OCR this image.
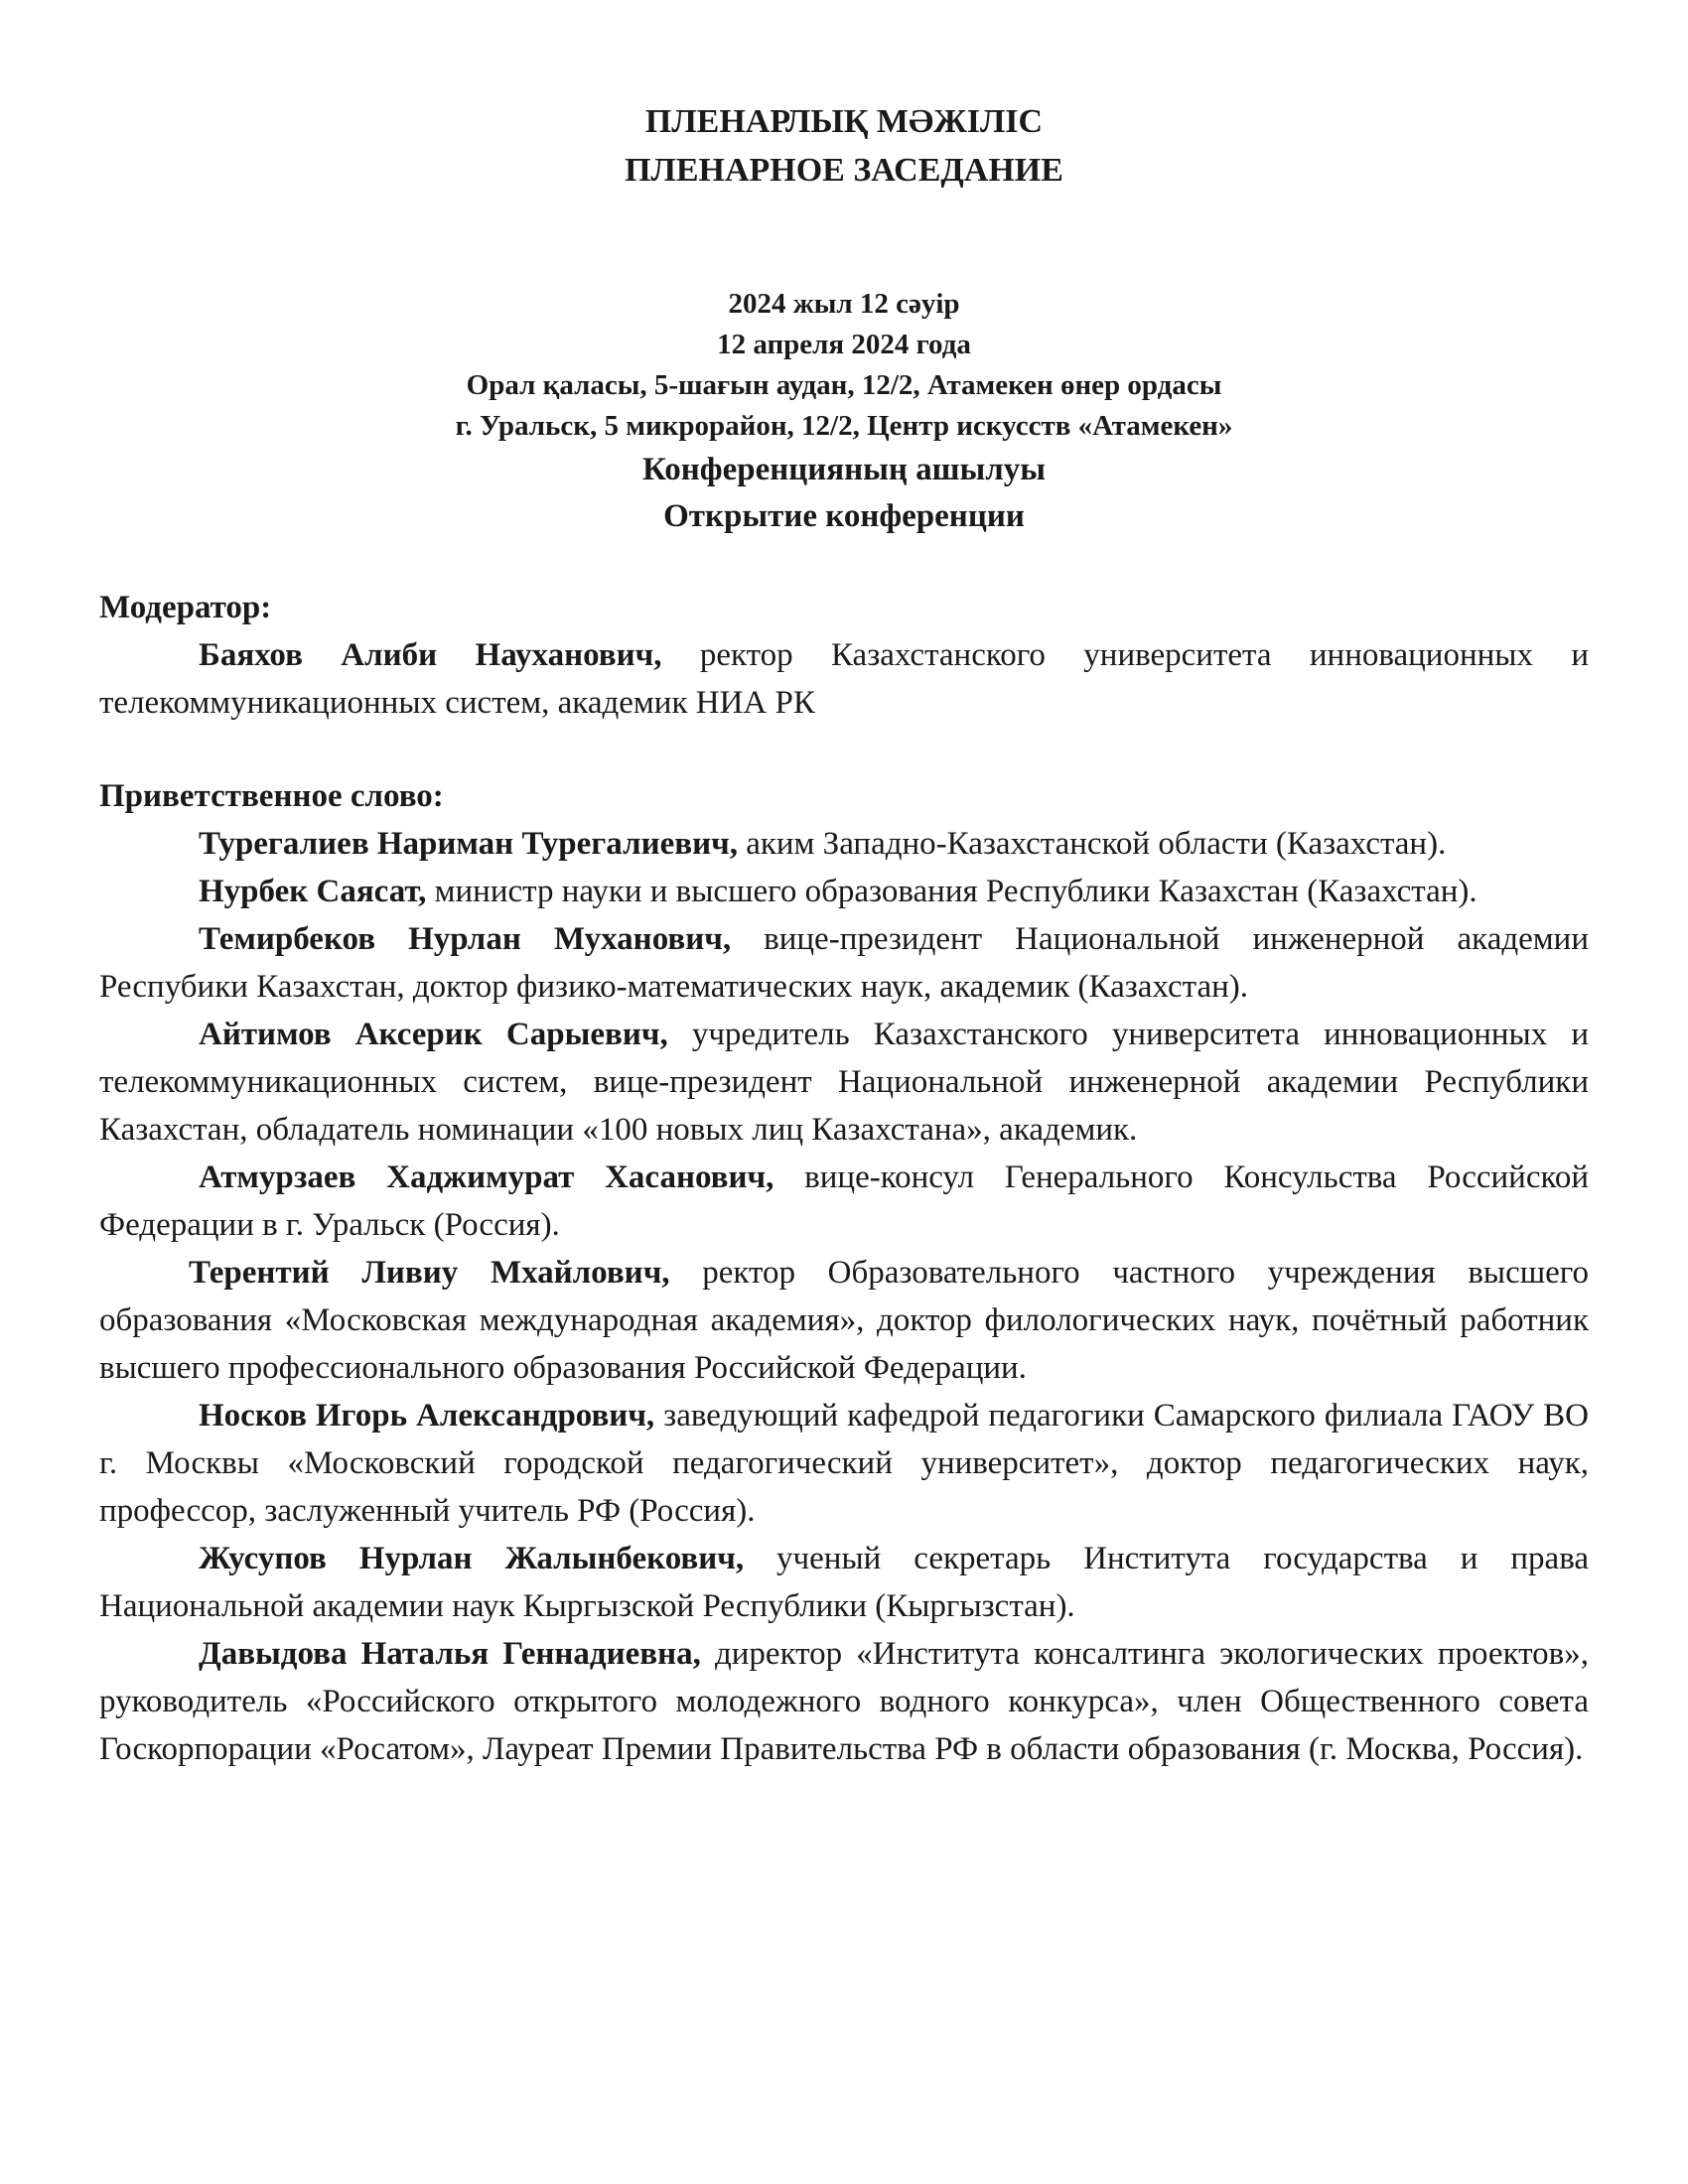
ПЛЕНАРЛЫҚ МӘЖІЛІС
ПЛЕНАРНОЕ ЗАСЕДАНИЕ
2024 жыл 12 сәуір
12 апреля 2024 года
Орал қаласы, 5-шағын аудан, 12/2, Атамекен өнер ордасы
г. Уральск, 5 микрорайон, 12/2, Центр искусств «Атамекен»
Конференцияның ашылуы
Открытие конференции

Модератор:

Баяхов Алиби Науханович, ректор Казахстанского университета инновационных и телекоммуникационных систем, академик НИА РК

Приветственное слово:

Турегалиев Нариман Турегалиевич, аким Западно-Казахстанской области (Казахстан).

Нурбек Саясат, министр науки и высшего образования Республики Казахстан (Казахстан).

Темирбеков Нурлан Муханович, вице-президент Национальной инженерной академии Респубики Казахстан, доктор физико-математических наук, академик (Казахстан).

Айтимов Аксерик Сарыевич, учредитель Казахстанского университета инновационных и телекоммуникационных систем, вице-президент Национальной инженерной академии Республики Казахстан, обладатель номинации «100 новых лиц Казахстана», академик.

Атмурзаев Хаджимурат Хасанович, вице-консул Генерального Консульства Российской Федерации в г. Уральск (Россия).

Терентий Ливиу Мхайлович, ректор Образовательного частного учреждения высшего образования «Московская международная академия», доктор филологических наук, почётный работник высшего профессионального образования Российской Федерации.

Носков Игорь Александрович, заведующий кафедрой педагогики Самарского филиала ГАОУ ВО г. Москвы «Московский городской педагогический университет», доктор педагогических наук, профессор, заслуженный учитель РФ (Россия).

Жусупов Нурлан Жалынбекович, ученый секретарь Института государства и права Национальной академии наук Кыргызской Республики (Кыргызстан).

Давыдова Наталья Геннадиевна, директор «Института консалтинга экологических проектов», руководитель «Российского открытого молодежного водного конкурса», член Общественного совета Госкорпорации «Росатом», Лауреат Премии Правительства РФ в области образования (г. Москва, Россия).
